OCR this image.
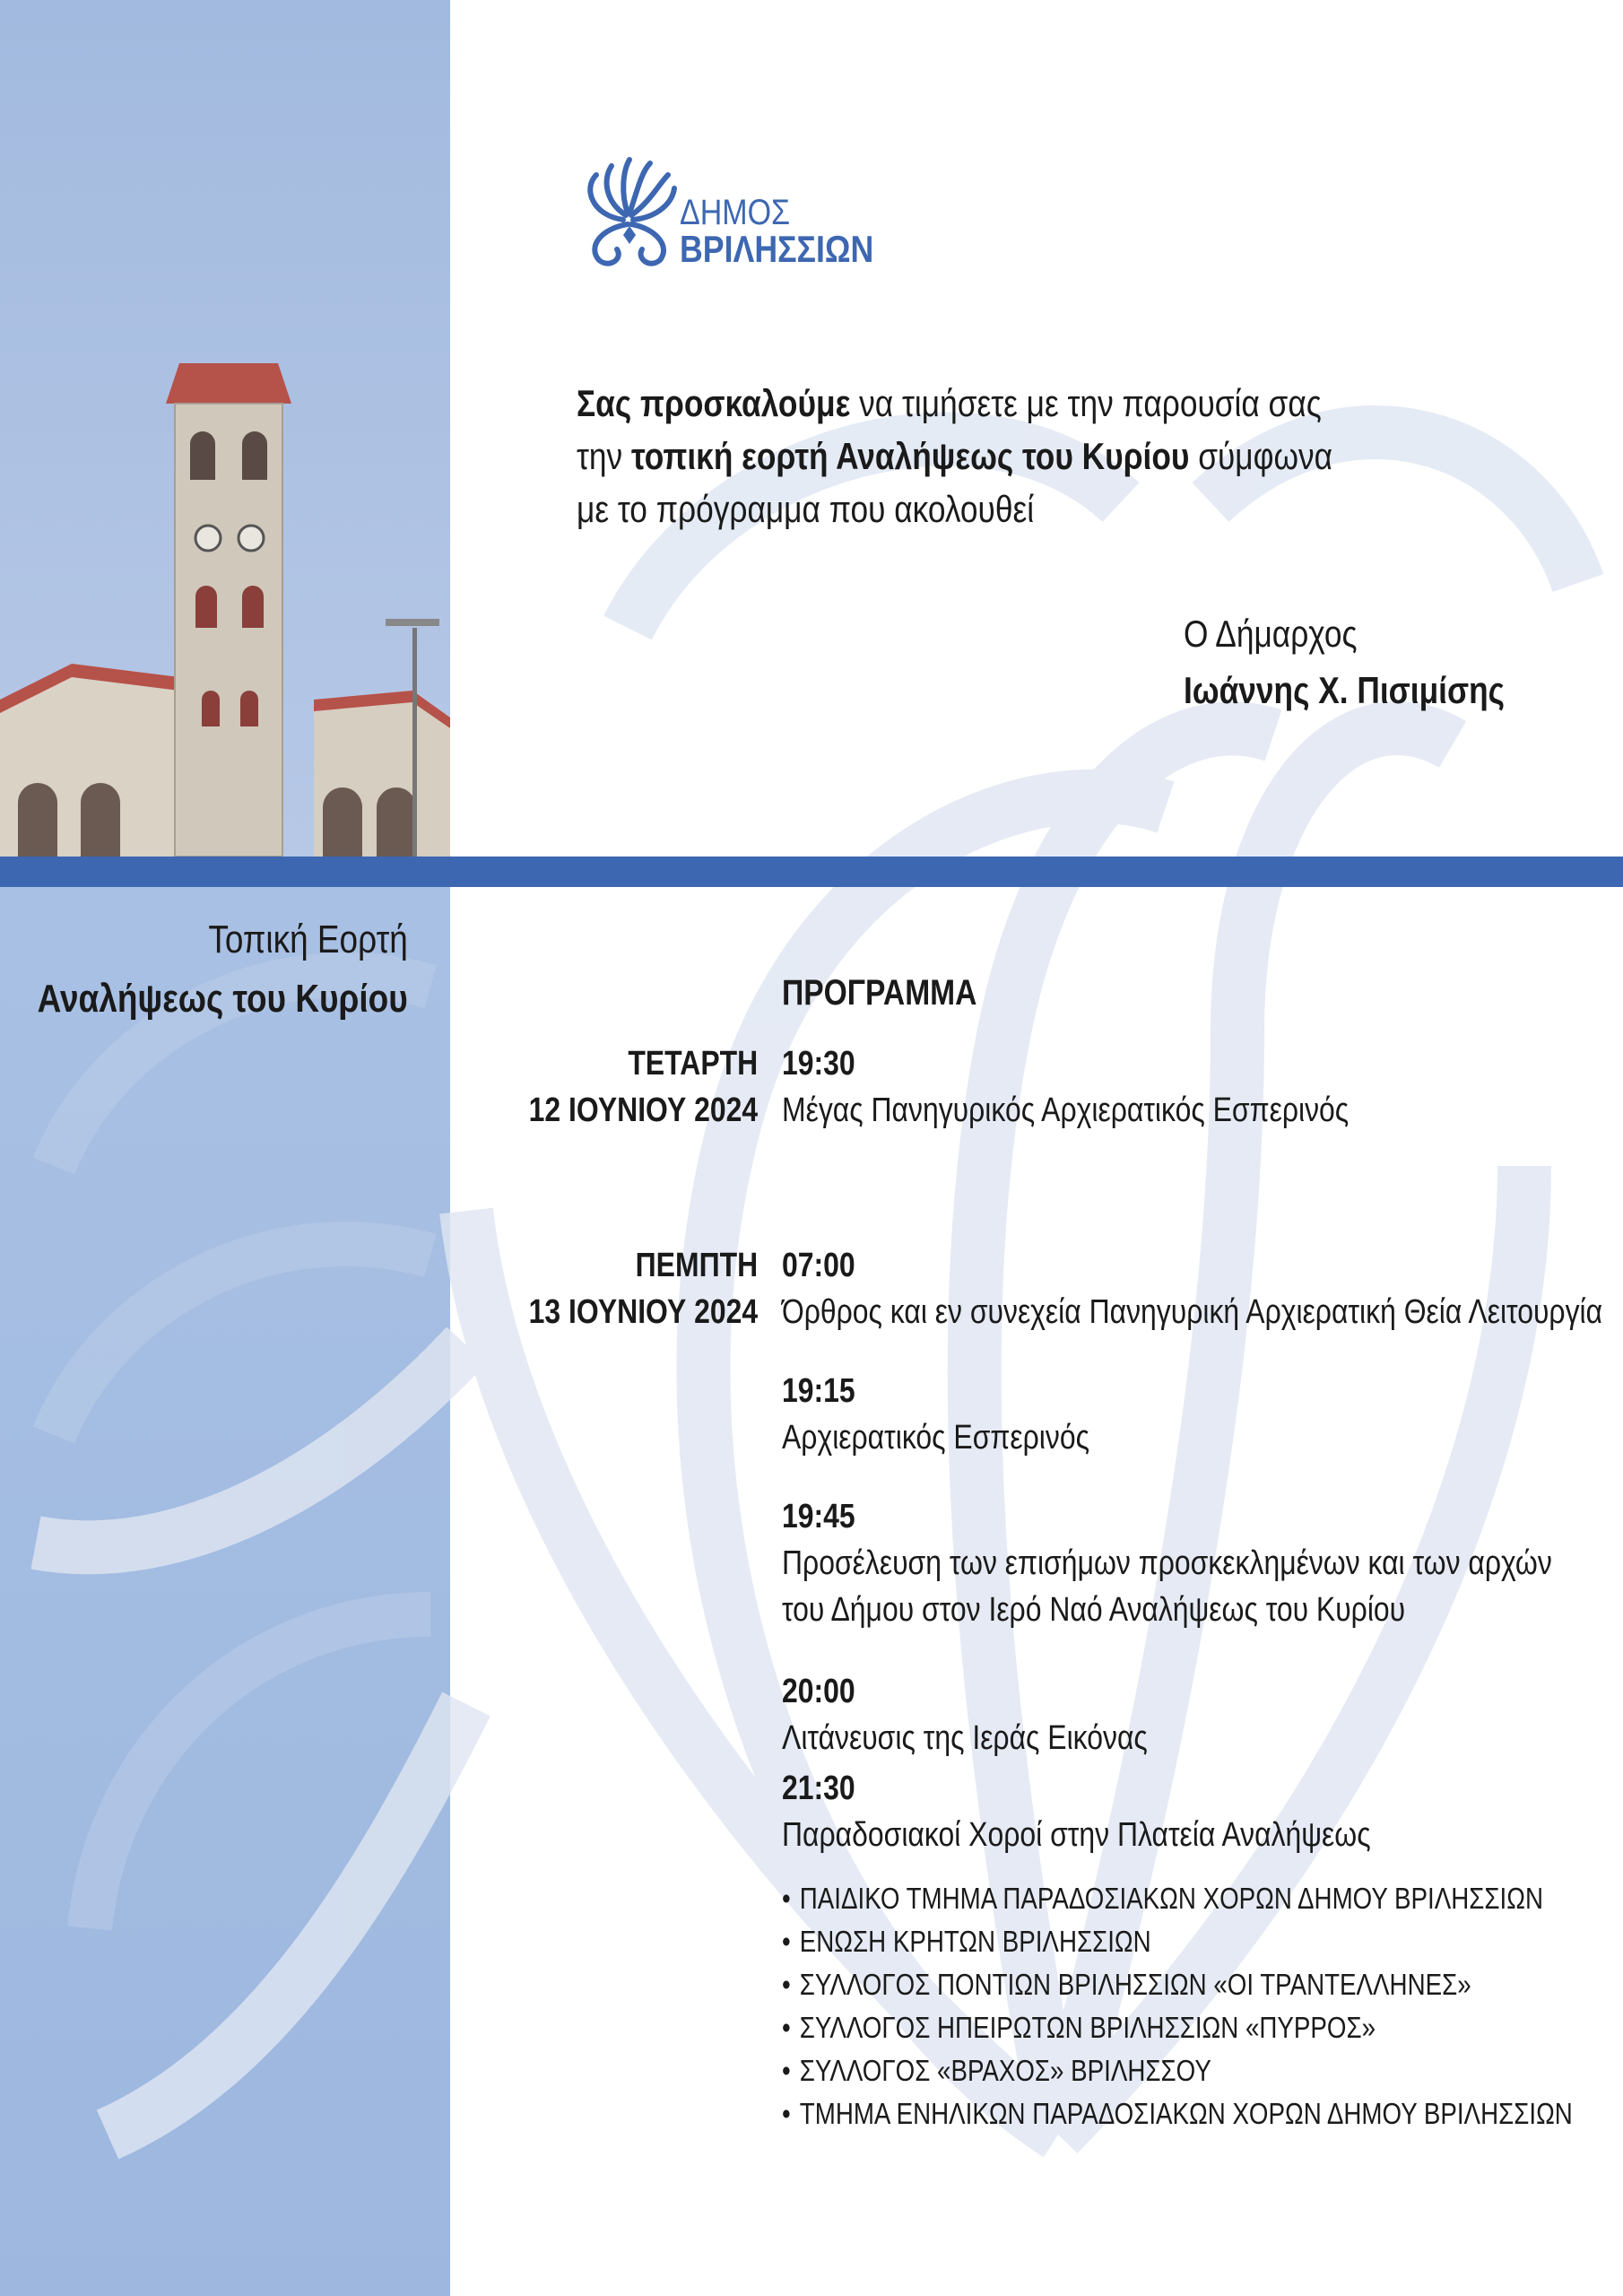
ΔΗΜΟΣ
ΒΡΙΛΗΣΣΙΩΝ
Σας προσκαλούμε να τιμήσετε με την παρουσία σας
την τοπική εορτή Αναλήψεως του Κυρίου σύμφωνα
με το πρόγραμμα που ακολουθεί
Ο Δήμαρχος
Ιωάννης Χ. Πισιμίσης
Τοπική Εορτή
Αναλήψεως του Κυρίου	ΠΡΟΓΡΑΜΜΑ
ΤΕΤΑΡΤΗ
12 ΙΟΥΝΙΟΥ 2024
ΠΕΜΠΤΗ
13 ΙΟΥΝΙΟΥ 2024
19:30
Μέγας Πανηγυρικός Αρχιερατικός Εσπερινός
07:00
Όρθρος και εν συνεχεία Πανηγυρική Αρχιερατική Θεία Λειτουργία
19:15
Αρχιερατικός Εσπερινός
19:45
Προσέλευση των επισήμων προσκεκλημένων και των αρχών
του Δήμου στον Ιερό Ναό Αναλήψεως του Κυρίου
20:00
Λιτάνευσις της Ιεράς Εικόνας
21:30
Παραδοσιακοί Χοροί στην Πλατεία Αναλήψεως
• ΠΑΙΔΙΚΟ ΤΜΗΜΑ ΠΑΡΑΔΟΣΙΑΚΩΝ ΧΟΡΩΝ ΔΗΜΟΥ ΒΡΙΛΗΣΣΙΩΝ
• ΕΝΩΣΗ ΚΡΗΤΩΝ ΒΡΙΛΗΣΣΙΩΝ
• ΣΥΛΛΟΓΟΣ ΠΟΝΤΙΩΝ ΒΡΙΛΗΣΣΙΩΝ «ΟΙ ΤΡΑΝΤΕΛΛΗΝΕΣ»
• ΣΥΛΛΟΓΟΣ ΗΠΕΙΡΩΤΩΝ ΒΡΙΛΗΣΣΙΩΝ «ΠΥΡΡΟΣ»
• ΣΥΛΛΟΓΟΣ «ΒΡΑΧΟΣ» ΒΡΙΛΗΣΣΟΥ
• ΤΜΗΜΑ ΕΝΗΛΙΚΩΝ ΠΑΡΑΔΟΣΙΑΚΩΝ ΧΟΡΩΝ ΔΗΜΟΥ ΒΡΙΛΗΣΣΙΩΝ
